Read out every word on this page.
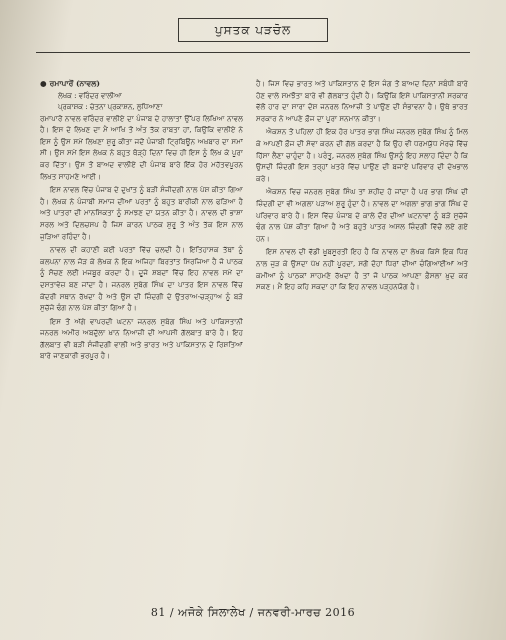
ਪੁਸਤਕ ਪੜਚੋਲ
● ਰਮਾਪਾਰੋਂ (ਨਾਵਲ)
ਲੇਖਕ : ਵਰਿੰਦਰ ਵਾਲੀਆ
ਪ੍ਰਕਾਸ਼ਕ : ਚੇਤਨਾ ਪ੍ਰਕਾਸ਼ਨ, ਲੁਧਿਆਣਾ

ਰਮਾਪਾਰੋਂ ਨਾਵਲ ਵਰਿੰਦਰ ਵਾਲੀਏ ਦਾ ਪੰਜਾਬ ਦੇ ਹਾਲਾਤਾਂ ਉੱਪਰ ਲਿਖਿਆ ਨਾਵਲ ਹੈ। ਇਸ ਦੇ ਲਿਖਣ ਦਾ ਮੈਂ ਆਖਿ ਤੋਂ ਅੰਤ ਤੱਕ ਰਾਬਤਾ ਹਾਂ, ਕਿਉਂਕਿ ਵਾਲੀਏ ਨੇ ਇਸ ਨੂੰ ਉਸ ਸਮੇਂ ਲਿਖਣਾ ਸ਼ੁਰੂ ਕੀਤਾ ਜਦੋਂ ਪੰਜਾਬੀ ਟ੍ਰਿਬਿਊਨ ਅਖ਼ਬਾਰ ਦਾ ਸਮਾਂ ਸੀ। ਉਸ ਸਮੇਂ ਇਸ ਲੇਖਕ ਨੇ ਬਹੁਤ ਥੋੜ੍ਹੇ ਦਿਨਾਂ ਵਿਚ ਹੀ ਇਸ ਨੂੰ ਲਿਖ ਕੇ ਪੂਰਾ ਕਰ ਦਿੱਤਾ। ਉਸ ਤੋਂ ਬਾਅਦ ਵਾਲੀਏ ਦੀ ਪੰਜਾਬ ਬਾਰੇ ਇੱਕ ਹੋਰ ਮਹੱਤਵਪੂਰਨ ਲਿਖਤ ਸਾਹਮਣੇ ਆਈ।

ਇਸ ਨਾਵਲ ਵਿੱਚ ਪੰਜਾਬ ਦੇ ਦੁਖਾਂਤ ਨੂੰ ਬੜੀ ਸੰਜੀਦਗੀ ਨਾਲ ਪੇਸ਼ ਕੀਤਾ ਗਿਆ ਹੈ। ਲੇਖਕ ਨੇ ਪੰਜਾਬੀ ਸਮਾਜ ਦੀਆਂ ਪਰਤਾਂ ਨੂੰ ਬਹੁਤ ਬਾਰੀਕੀ ਨਾਲ ਫੜਿਆ ਹੈ ਅਤੇ ਪਾਤਰਾਂ ਦੀ ਮਾਨਸਿਕਤਾ ਨੂੰ ਸਮਝਣ ਦਾ ਯਤਨ ਕੀਤਾ ਹੈ। ਨਾਵਲ ਦੀ ਭਾਸ਼ਾ ਸਰਲ ਅਤੇ ਦਿਲਚਸਪ ਹੈ ਜਿਸ ਕਾਰਨ ਪਾਠਕ ਸ਼ੁਰੂ ਤੋਂ ਅੰਤ ਤੱਕ ਇਸ ਨਾਲ ਜੁੜਿਆ ਰਹਿੰਦਾ ਹੈ।

ਨਾਵਲ ਦੀ ਕਹਾਣੀ ਕਈ ਪਰਤਾਂ ਵਿੱਚ ਚਲਦੀ ਹੈ। ਇਤਿਹਾਸਕ ਤੱਥਾਂ ਨੂੰ ਕਲਪਨਾ ਨਾਲ ਜੋੜ ਕੇ ਲੇਖਕ ਨੇ ਇਕ ਅਜਿਹਾ ਬਿਰਤਾਂਤ ਸਿਰਜਿਆ ਹੈ ਜੋ ਪਾਠਕ ਨੂੰ ਸੋਚਣ ਲਈ ਮਜਬੂਰ ਕਰਦਾ ਹੈ। ਦੂਜੇ ਸ਼ਬਦਾਂ ਵਿੱਚ ਇਹ ਨਾਵਲ ਸਮੇਂ ਦਾ ਦਸਤਾਵੇਜ਼ ਬਣ ਜਾਂਦਾ ਹੈ। ਜਨਰਲ ਸੁਬੇਗ ਸਿੰਘ ਦਾ ਪਾਤਰ ਇਸ ਨਾਵਲ ਵਿੱਚ ਕੇਂਦਰੀ ਸਥਾਨ ਰੱਖਦਾ ਹੈ ਅਤੇ ਉਸ ਦੀ ਜ਼ਿੰਦਗੀ ਦੇ ਉਤਰਾਅ-ਚੜ੍ਹਾਅ ਨੂੰ ਬੜੇ ਸੁਚੱਜੇ ਢੰਗ ਨਾਲ ਪੇਸ਼ ਕੀਤਾ ਗਿਆ ਹੈ।

ਇਸ ਤੋਂ ਅੱਗੇ ਵਾਪਰਦੀ ਘਟਨਾ ਜਨਰਲ ਸੁਬੇਗ ਸਿੰਘ ਅਤੇ ਪਾਕਿਸਤਾਨੀ ਜਨਰਲ ਅਮੀਰ ਅਬਦੁੱਲਾ ਖ਼ਾਨ ਨਿਆਜ਼ੀ ਦੀ ਆਪਸੀ ਗੱਲਬਾਤ ਬਾਰੇ ਹੈ। ਇਹ ਗੱਲਬਾਤ ਵੀ ਬੜੀ ਸੰਜੀਦਗੀ ਵਾਲੀ ਅਤੇ ਭਾਰਤ ਅਤੇ ਪਾਕਿਸਤਾਨ ਦੇ ਰਿਸ਼ਤਿਆਂ ਬਾਰੇ ਜਾਣਕਾਰੀ ਭਰਪੂਰ ਹੈ।

ਹੈ। ਜਿਸ ਵਿਚ ਭਾਰਤ ਅਤੇ ਪਾਕਿਸਤਾਨ ਦੇ ਇਸ ਜੰਗ ਤੋਂ ਬਾਅਦ ਦਿਨਾਂ ਸਬੰਧੀ ਬਾਰੇ ਹੋਣ ਵਾਲੇ ਸਮਝੌਤਾ ਬਾਰੇ ਵੀ ਗੱਲਬਾਤ ਹੁੰਦੀ ਹੈ। ਕਿਉਂਕਿ ਇਸੇ ਪਾਕਿਸਤਾਨੀ ਸਰਕਾਰ ਵੱਲੋਂ ਹਾਰ ਦਾ ਸਾਰਾ ਦੋਸ਼ ਜਨਰਲ ਨਿਆਜ਼ੀ ਤੇ ਪਾਉਣ ਦੀ ਸੰਭਾਵਨਾ ਹੈ। ਉਥੇ ਭਾਰਤ ਸਰਕਾਰ ਨੇ ਆਪਣੇ ਫ਼ੌਜ ਦਾ ਪੂਰਾ ਸਨਮਾਨ ਕੀਤਾ।

ਐਕਸ਼ਨ ਤੋਂ ਪਹਿਲਾਂ ਹੀ ਇਕ ਹੋਰ ਪਾਤਰ ਭਾਗ ਸਿੰਘ ਜਨਰਲ ਸੁਬੇਗ ਸਿੰਘ ਨੂੰ ਮਿਲ ਕੇ ਆਪਣੀ ਫ਼ੌਜ ਦੀ ਸੇਵਾ ਕਰਨ ਦੀ ਗੱਲ ਕਰਦਾ ਹੈ ਕਿ ਉਹ ਵੀ ਧਰਮਯੁੱਧ ਮੋਰਚੇ ਵਿੱਚ ਹਿੱਸਾ ਲੈਣਾ ਚਾਹੁੰਦਾ ਹੈ। ਪਰੰਤੂ, ਜਨਰਲ ਸੁਬੇਗ ਸਿੰਘ ਉਸਨੂੰ ਇਹ ਸਲਾਹ ਦਿੰਦਾ ਹੈ ਕਿ ਉਸਦੀ ਜ਼ਿੰਦਗੀ ਇਸ ਤਰ੍ਹਾਂ ਖ਼ਤਰੇ ਵਿੱਚ ਪਾਉਣ ਦੀ ਬਜਾਏ ਪਰਿਵਾਰ ਦੀ ਦੇਖਭਾਲ ਕਰੇ।

ਐਕਸ਼ਨ ਵਿਚ ਜਨਰਲ ਸੁਬੇਗ ਸਿੰਘ ਤਾਂ ਸ਼ਹੀਦ ਹੋ ਜਾਂਦਾ ਹੈ ਪਰ ਭਾਗ ਸਿੰਘ ਦੀ ਜ਼ਿੰਦਗੀ ਦਾ ਵੀ ਅਗਲਾ ਪੜਾਅ ਸ਼ੁਰੂ ਹੁੰਦਾ ਹੈ। ਨਾਵਲ ਦਾ ਅਗਲਾ ਭਾਗ ਭਾਗ ਸਿੰਘ ਦੇ ਪਰਿਵਾਰ ਬਾਰੇ ਹੈ। ਇਸ ਵਿੱਚ ਪੰਜਾਬ ਦੇ ਕਾਲੇ ਦੌਰ ਦੀਆਂ ਘਟਨਾਵਾਂ ਨੂੰ ਬੜੇ ਸੁਚੱਜੇ ਢੰਗ ਨਾਲ ਪੇਸ਼ ਕੀਤਾ ਗਿਆ ਹੈ ਅਤੇ ਬਹੁਤੇ ਪਾਤਰ ਅਸਲ ਜ਼ਿੰਦਗੀ ਵਿੱਚੋਂ ਲਏ ਗਏ ਹਨ।

ਇਸ ਨਾਵਲ ਦੀ ਵੱਡੀ ਖ਼ੂਬਸੂਰਤੀ ਇਹ ਹੈ ਕਿ ਨਾਵਲ ਦਾ ਲੇਖਕ ਕਿਸੇ ਇਕ ਧਿਰ ਨਾਲ ਜੁੜ ਕੇ ਉਸਦਾ ਪੱਖ ਨਹੀਂ ਪੂਰਦਾ, ਸਗੋਂ ਦੋਹਾਂ ਧਿਰਾਂ ਦੀਆਂ ਚੰਗਿਆਈਆਂ ਅਤੇ ਕਮੀਆਂ ਨੂੰ ਪਾਠਕਾਂ ਸਾਹਮਣੇ ਰੱਖਦਾ ਹੈ ਤਾਂ ਜੋ ਪਾਠਕ ਆਪਣਾ ਫ਼ੈਸਲਾ ਖ਼ੁਦ ਕਰ ਸਕਣ। ਮੈਂ ਇਹ ਕਹਿ ਸਕਦਾ ਹਾਂ ਕਿ ਇਹ ਨਾਵਲ ਪੜ੍ਹਨਯੋਗ ਹੈ।

81 / ਅਜੋਕੇ ਸਿਲਾਲੇਖ / ਜਨਵਰੀ-ਮਾਰਚ 2016
